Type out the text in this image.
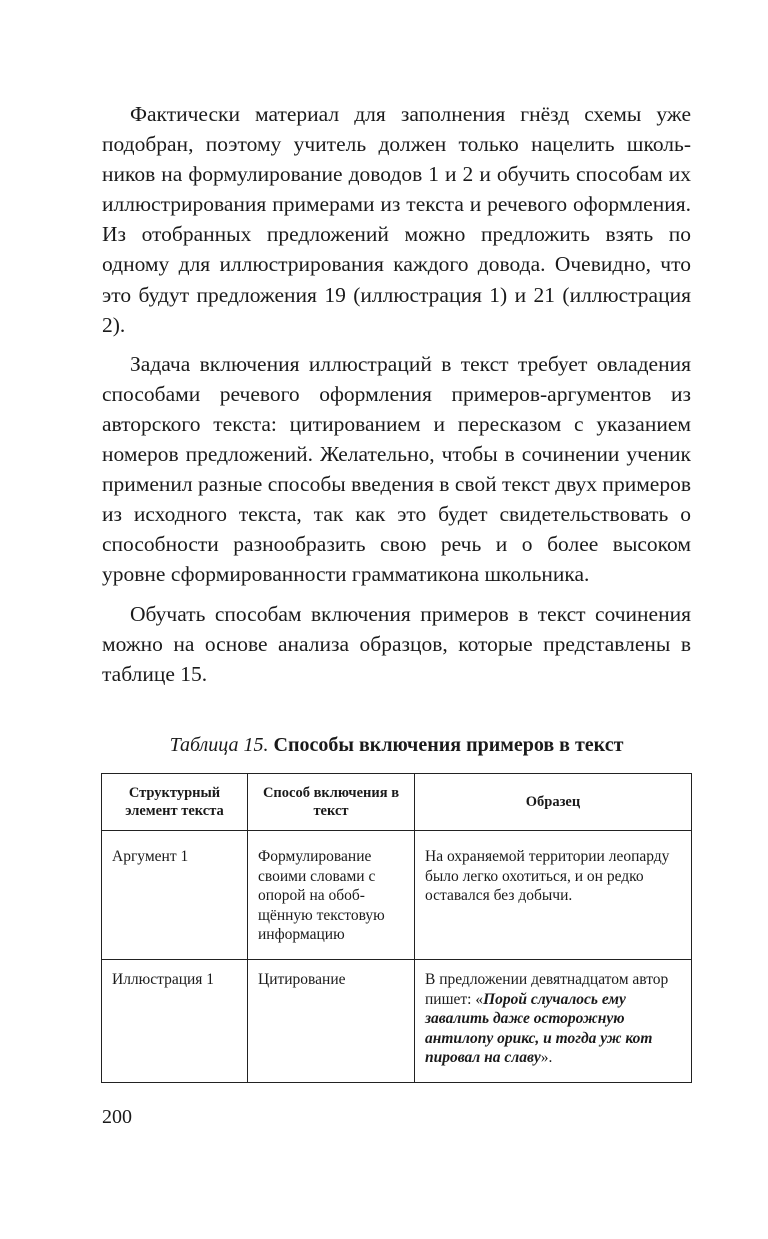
Фактически материал для заполнения гнёзд схемы уже подобран, поэтому учитель должен только нацелить школьников на формулирование доводов 1 и 2 и обучить способам их иллюстрирования примерами из текста и речевого оформления. Из отобранных предложений можно предложить взять по одному для иллюстрирования каждого довода. Очевидно, что это будут предложения 19 (иллюстрация 1) и 21 (иллюстрация 2).

Задача включения иллюстраций в текст требует овладения способами речевого оформления примеров-аргументов из авторского текста: цитированием и пересказом с указанием номеров предложений. Желательно, чтобы в сочинении ученик применил разные способы введения в свой текст двух примеров из исходного текста, так как это будет свидетельствовать о способности разнообразить свою речь и о более высоком уровне сформированности грамматикона школьника.

Обучать способам включения примеров в текст сочинения можно на основе анализа образцов, которые представлены в таблице 15.

Таблица 15. Способы включения примеров в текст
Структурный элемент текста	Способ включения в текст	Образец
Аргумент 1	Формулирование своими словами с опорой на обобщённую текстовую информацию	На охраняемой территории леопарду было легко охотиться, и он редко оставался без добычи.
Иллюстрация 1	Цитирование	В предложении девятнадцатом автор пишет: «Порой случалось ему завалить даже осторожную антилопу орикс, и тогда уж кот пировал на славу».
200
